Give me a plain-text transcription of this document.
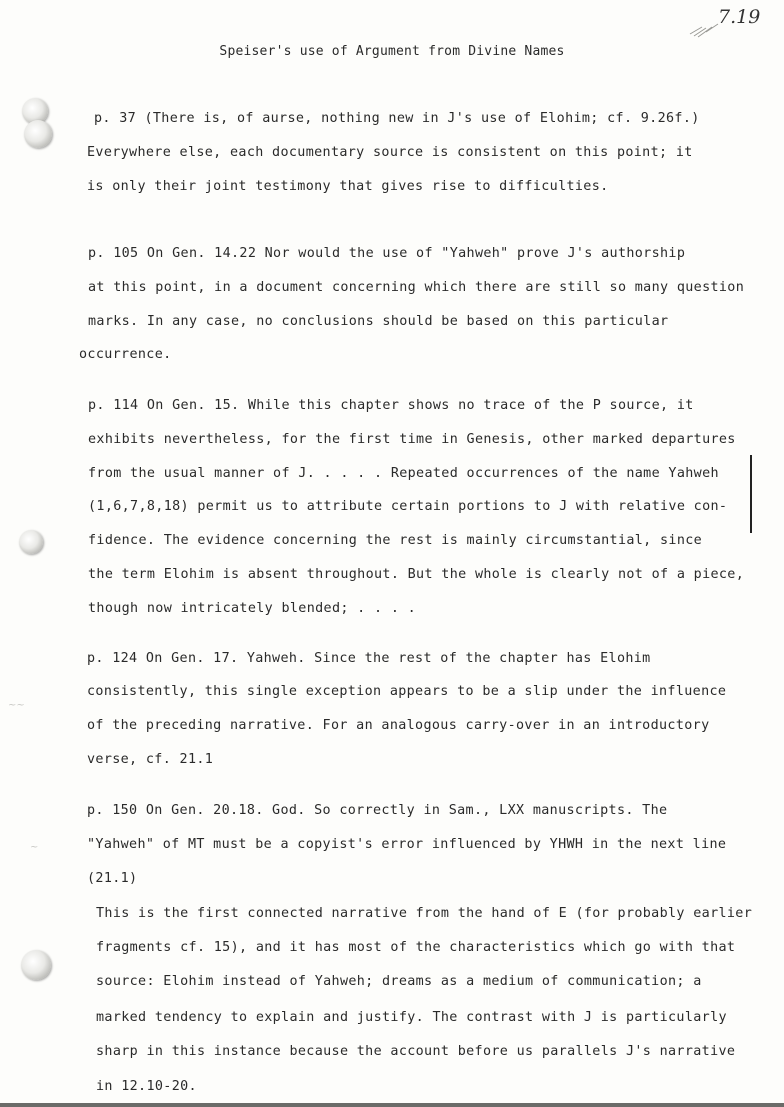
7.19
Speiser's use of Argument from Divine Names
~~
~
p. 37 (There is, of aurse, nothing new in J's use of Elohim; cf. 9.26f.)
Everywhere else, each documentary source is consistent on this point; it
is only their joint testimony that gives rise to difficulties.
p. 105 On Gen. 14.22 Nor would the use of "Yahweh" prove J's authorship
at this point, in a document concerning which there are still so many question
marks. In any case, no conclusions should be based on this particular
occurrence.
p. 114 On Gen. 15. While this chapter shows no trace of the P source, it
exhibits nevertheless, for the first time in Genesis, other marked departures
from the usual manner of J. . . . . Repeated occurrences of the name Yahweh
(1,6,7,8,18) permit us to attribute certain portions to J with relative con-
fidence. The evidence concerning the rest is mainly circumstantial, since
the term Elohim is absent throughout. But the whole is clearly not of a piece,
though now intricately blended; . . . .
p. 124 On Gen. 17. Yahweh. Since the rest of the chapter has Elohim
consistently, this single exception appears to be a slip under the influence
of the preceding narrative. For an analogous carry-over in an introductory
verse, cf. 21.1
p. 150 On Gen. 20.18. God. So correctly in Sam., LXX manuscripts. The
"Yahweh" of MT must be a copyist's error influenced by YHWH in the next line
(21.1)
This is the first connected narrative from the hand of E (for probably earlier
fragments cf. 15), and it has most of the characteristics which go with that
source: Elohim instead of Yahweh; dreams as a medium of communication; a
marked tendency to explain and justify. The contrast with J is particularly
sharp in this instance because the account before us parallels J's narrative
in 12.10-20.
